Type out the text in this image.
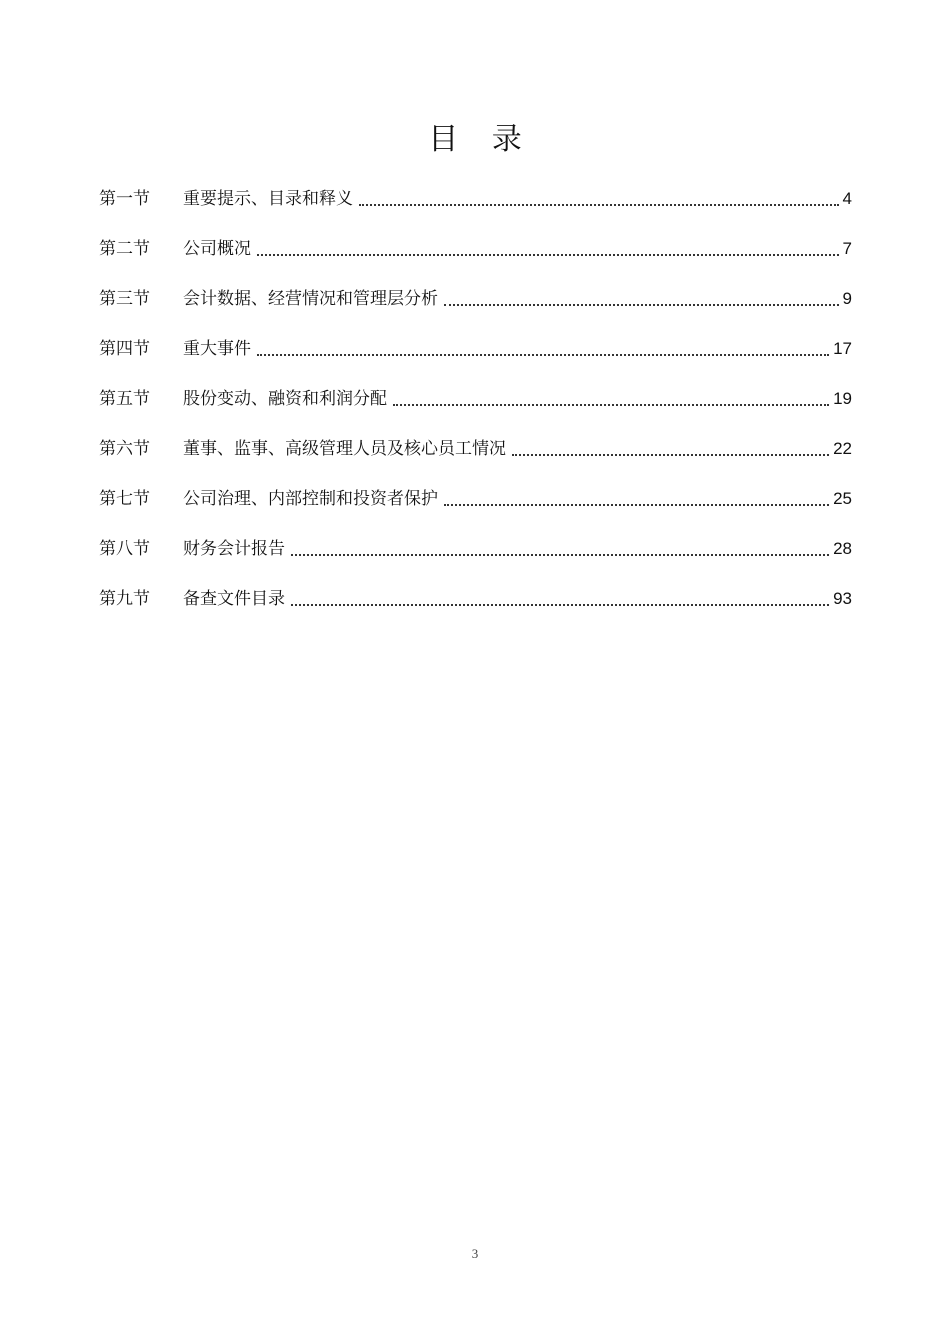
目 录
第一节	重要提示、目录和释义	4
第二节	公司概况	7
第三节	会计数据、经营情况和管理层分析	9
第四节	重大事件	17
第五节	股份变动、融资和利润分配	19
第六节	董事、监事、高级管理人员及核心员工情况	22
第七节	公司治理、内部控制和投资者保护	25
第八节	财务会计报告	28
第九节	备查文件目录	93
3
